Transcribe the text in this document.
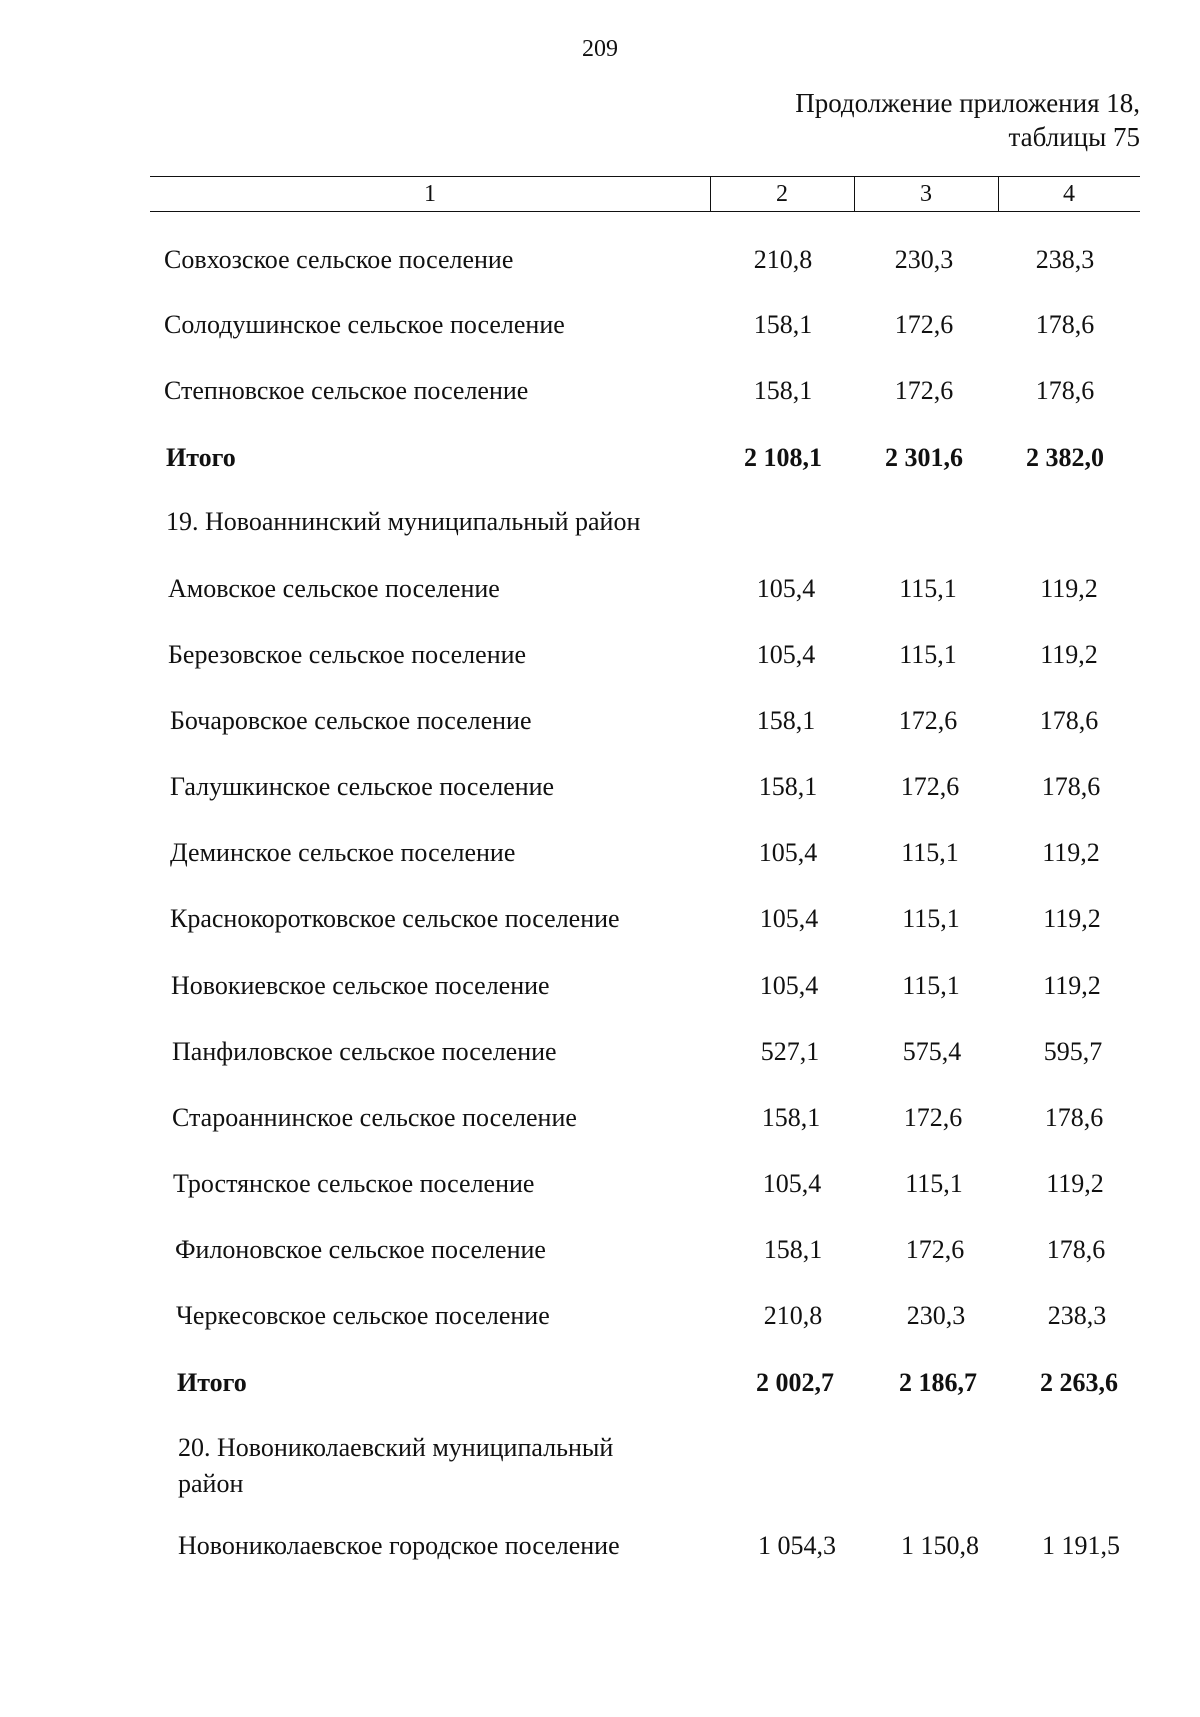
209
Продолжение приложения 18,
таблицы 75
1	2	3	4
Совхозское сельское поселение	210,8	230,3	238,3
Солодушинское сельское поселение	158,1	172,6	178,6
Степновское сельское поселение	158,1	172,6	178,6
Итого	2 108,1	2 301,6	2 382,0
19. Новоаннинский муниципальный район
Амовское сельское поселение	105,4	115,1	119,2
Березовское сельское поселение	105,4	115,1	119,2
Бочаровское сельское поселение	158,1	172,6	178,6
Галушкинское сельское поселение	158,1	172,6	178,6
Деминское сельское поселение	105,4	115,1	119,2
Краснокоротковское сельское поселение	105,4	115,1	119,2
Новокиевское сельское поселение	105,4	115,1	119,2
Панфиловское сельское поселение	527,1	575,4	595,7
Староаннинское сельское поселение	158,1	172,6	178,6
Тростянское сельское поселение	105,4	115,1	119,2
Филоновское сельское поселение	158,1	172,6	178,6
Черкесовское сельское поселение	210,8	230,3	238,3
Итого	2 002,7	2 186,7	2 263,6
20. Новониколаевский муниципальный
район
Новониколаевское городское поселение	1 054,3	1 150,8	1 191,5
